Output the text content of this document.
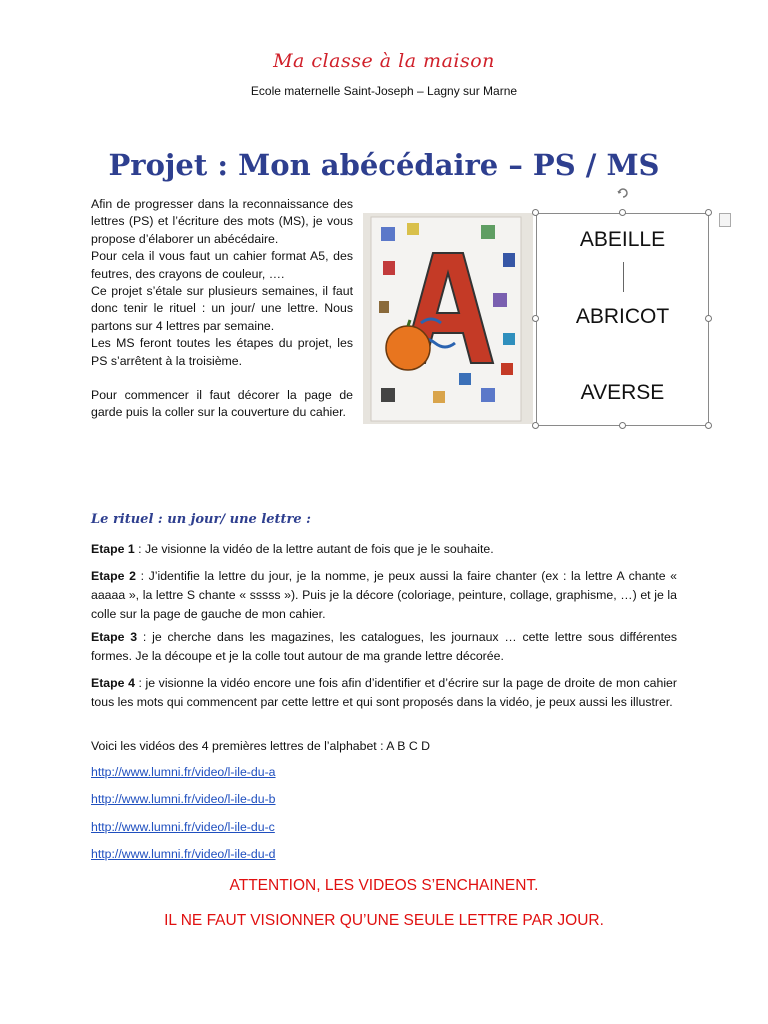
Ma classe à la maison
Ecole maternelle Saint-Joseph – Lagny sur Marne
Projet : Mon abécédaire – PS / MS

Afin de progresser dans la reconnaissance des lettres (PS) et l’écriture des mots (MS), je vous propose d’élaborer un abécédaire.

Pour cela il vous faut un cahier format A5, des feutres, des crayons de couleur, ….

Ce projet s’étale sur plusieurs semaines, il faut donc tenir le rituel : un jour/ une lettre. Nous partons sur 4 lettres par semaine.

Les MS feront toutes les étapes du projet, les PS s’arrêtent à la troisième.

Pour commencer il faut décorer la page de garde puis la coller sur la couverture du cahier.

ABEILLE
ABRICOT
AVERSE
Le rituel : un jour/ une lettre :
Etape 1 : Je visionne la vidéo de la lettre autant de fois que je le souhaite.
Etape 2 : J’identifie la lettre du jour, je la nomme, je peux aussi la faire chanter (ex : la lettre A chante « aaaaa », la lettre S chante « sssss »). Puis je la décore (coloriage, peinture, collage, graphisme, …) et je la colle sur la page de gauche de mon cahier.
Etape 3 : je cherche dans les magazines, les catalogues, les journaux … cette lettre sous différentes formes. Je la découpe et je la colle tout autour de ma grande lettre décorée.
Etape 4 : je visionne la vidéo encore une fois afin d’identifier et d’écrire sur la page de droite de mon cahier tous les mots qui commencent par cette lettre et qui sont proposés dans la vidéo, je peux aussi les illustrer.
Voici les vidéos des 4 premières lettres de l’alphabet : A B C D
http://www.lumni.fr/video/l-ile-du-a
http://www.lumni.fr/video/l-ile-du-b
http://www.lumni.fr/video/l-ile-du-c
http://www.lumni.fr/video/l-ile-du-d
ATTENTION, LES VIDEOS S’ENCHAINENT.
IL NE FAUT VISIONNER QU’UNE SEULE LETTRE PAR JOUR.
